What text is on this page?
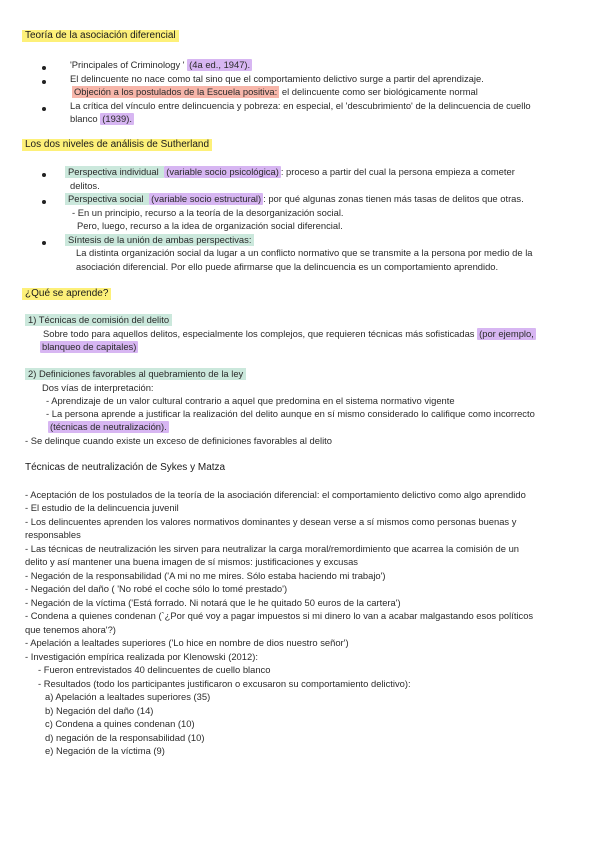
Teoría de la asociación diferencial
'Principales of Criminology ' (4a ed., 1947).
El delincuente no nace como tal sino que el comportamiento delictivo surge a partir del aprendizaje.
Objeción a los postulados de la Escuela positiva: el delincuente como ser biológicamente normal
La crítica del vínculo entre delincuencia y pobreza: en especial, el 'descubrimiento' de la delincuencia de cuello
blanco (1939).
Los dos niveles de análisis de Sutherland
Perspectiva individual (variable socio psicológica) : proceso a partir del cual la persona empieza a cometer
delitos.
Perspectiva social (variable socio estructural) : por qué algunas zonas tienen más tasas de delitos que otras.
- En un principio, recurso a la teoría de la desorganización social.
Pero, luego, recurso a la idea de organización social diferencial.
Síntesis de la unión de ambas perspectivas:
La distinta organización social da lugar a un conflicto normativo que se transmite a la persona por medio de la
asociación diferencial. Por ello puede afirmarse que la delincuencia es un comportamiento aprendido.
¿Qué se aprende?
1) Técnicas de comisión del delito
Sobre todo para aquellos delitos, especialmente los complejos, que requieren técnicas más sofisticadas (por ejemplo,
blanqueo de capitales)
2) Definiciones favorables al quebramiento de la ley
Dos vías de interpretación:
- Aprendizaje de un valor cultural contrario a aquel que predomina en el sistema normativo vigente
- La persona aprende a justificar la realización del delito aunque en sí mismo considerado lo califique como incorrecto
(técnicas de neutralización).
- Se delinque cuando existe un exceso de definiciones favorables al delito
Técnicas de neutralización de Sykes y Matza
- Aceptación de los postulados de la teoría de la asociación diferencial: el comportamiento delictivo como algo aprendido
- El estudio de la delincuencia juvenil
- Los delincuentes aprenden los valores normativos dominantes y desean verse a sí mismos como personas buenas y
responsables
- Las técnicas de neutralización les sirven para neutralizar la carga moral/remordimiento que acarrea la comisión de un
delito y así mantener una buena imagen de sí mismos: justificaciones y excusas
- Negación de la responsabilidad ('A mi no me mires. Sólo estaba haciendo mi trabajo')
- Negación del daño ( 'No robé el coche sólo lo tomé prestado')
- Negación de la víctima ('Está forrado. Ni notará que le he quitado 50 euros de la cartera')
- Condena a quienes condenan (`¿Por qué voy a pagar impuestos si mi dinero lo van a acabar malgastando esos políticos
que tenemos ahora'?)
- Apelación a lealtades superiores ('Lo hice en nombre de dios nuestro señor')
- Investigación empírica realizada por Klenowski (2012):
- Fueron entrevistados 40 delincuentes de cuello blanco
- Resultados (todo los participantes justificaron o excusaron su comportamiento delictivo):
a) Apelación a lealtades superiores (35)
b) Negación del daño (14)
c) Condena a quines condenan (10)
d) negación de la responsabilidad (10)
e) Negación de la víctima (9)
